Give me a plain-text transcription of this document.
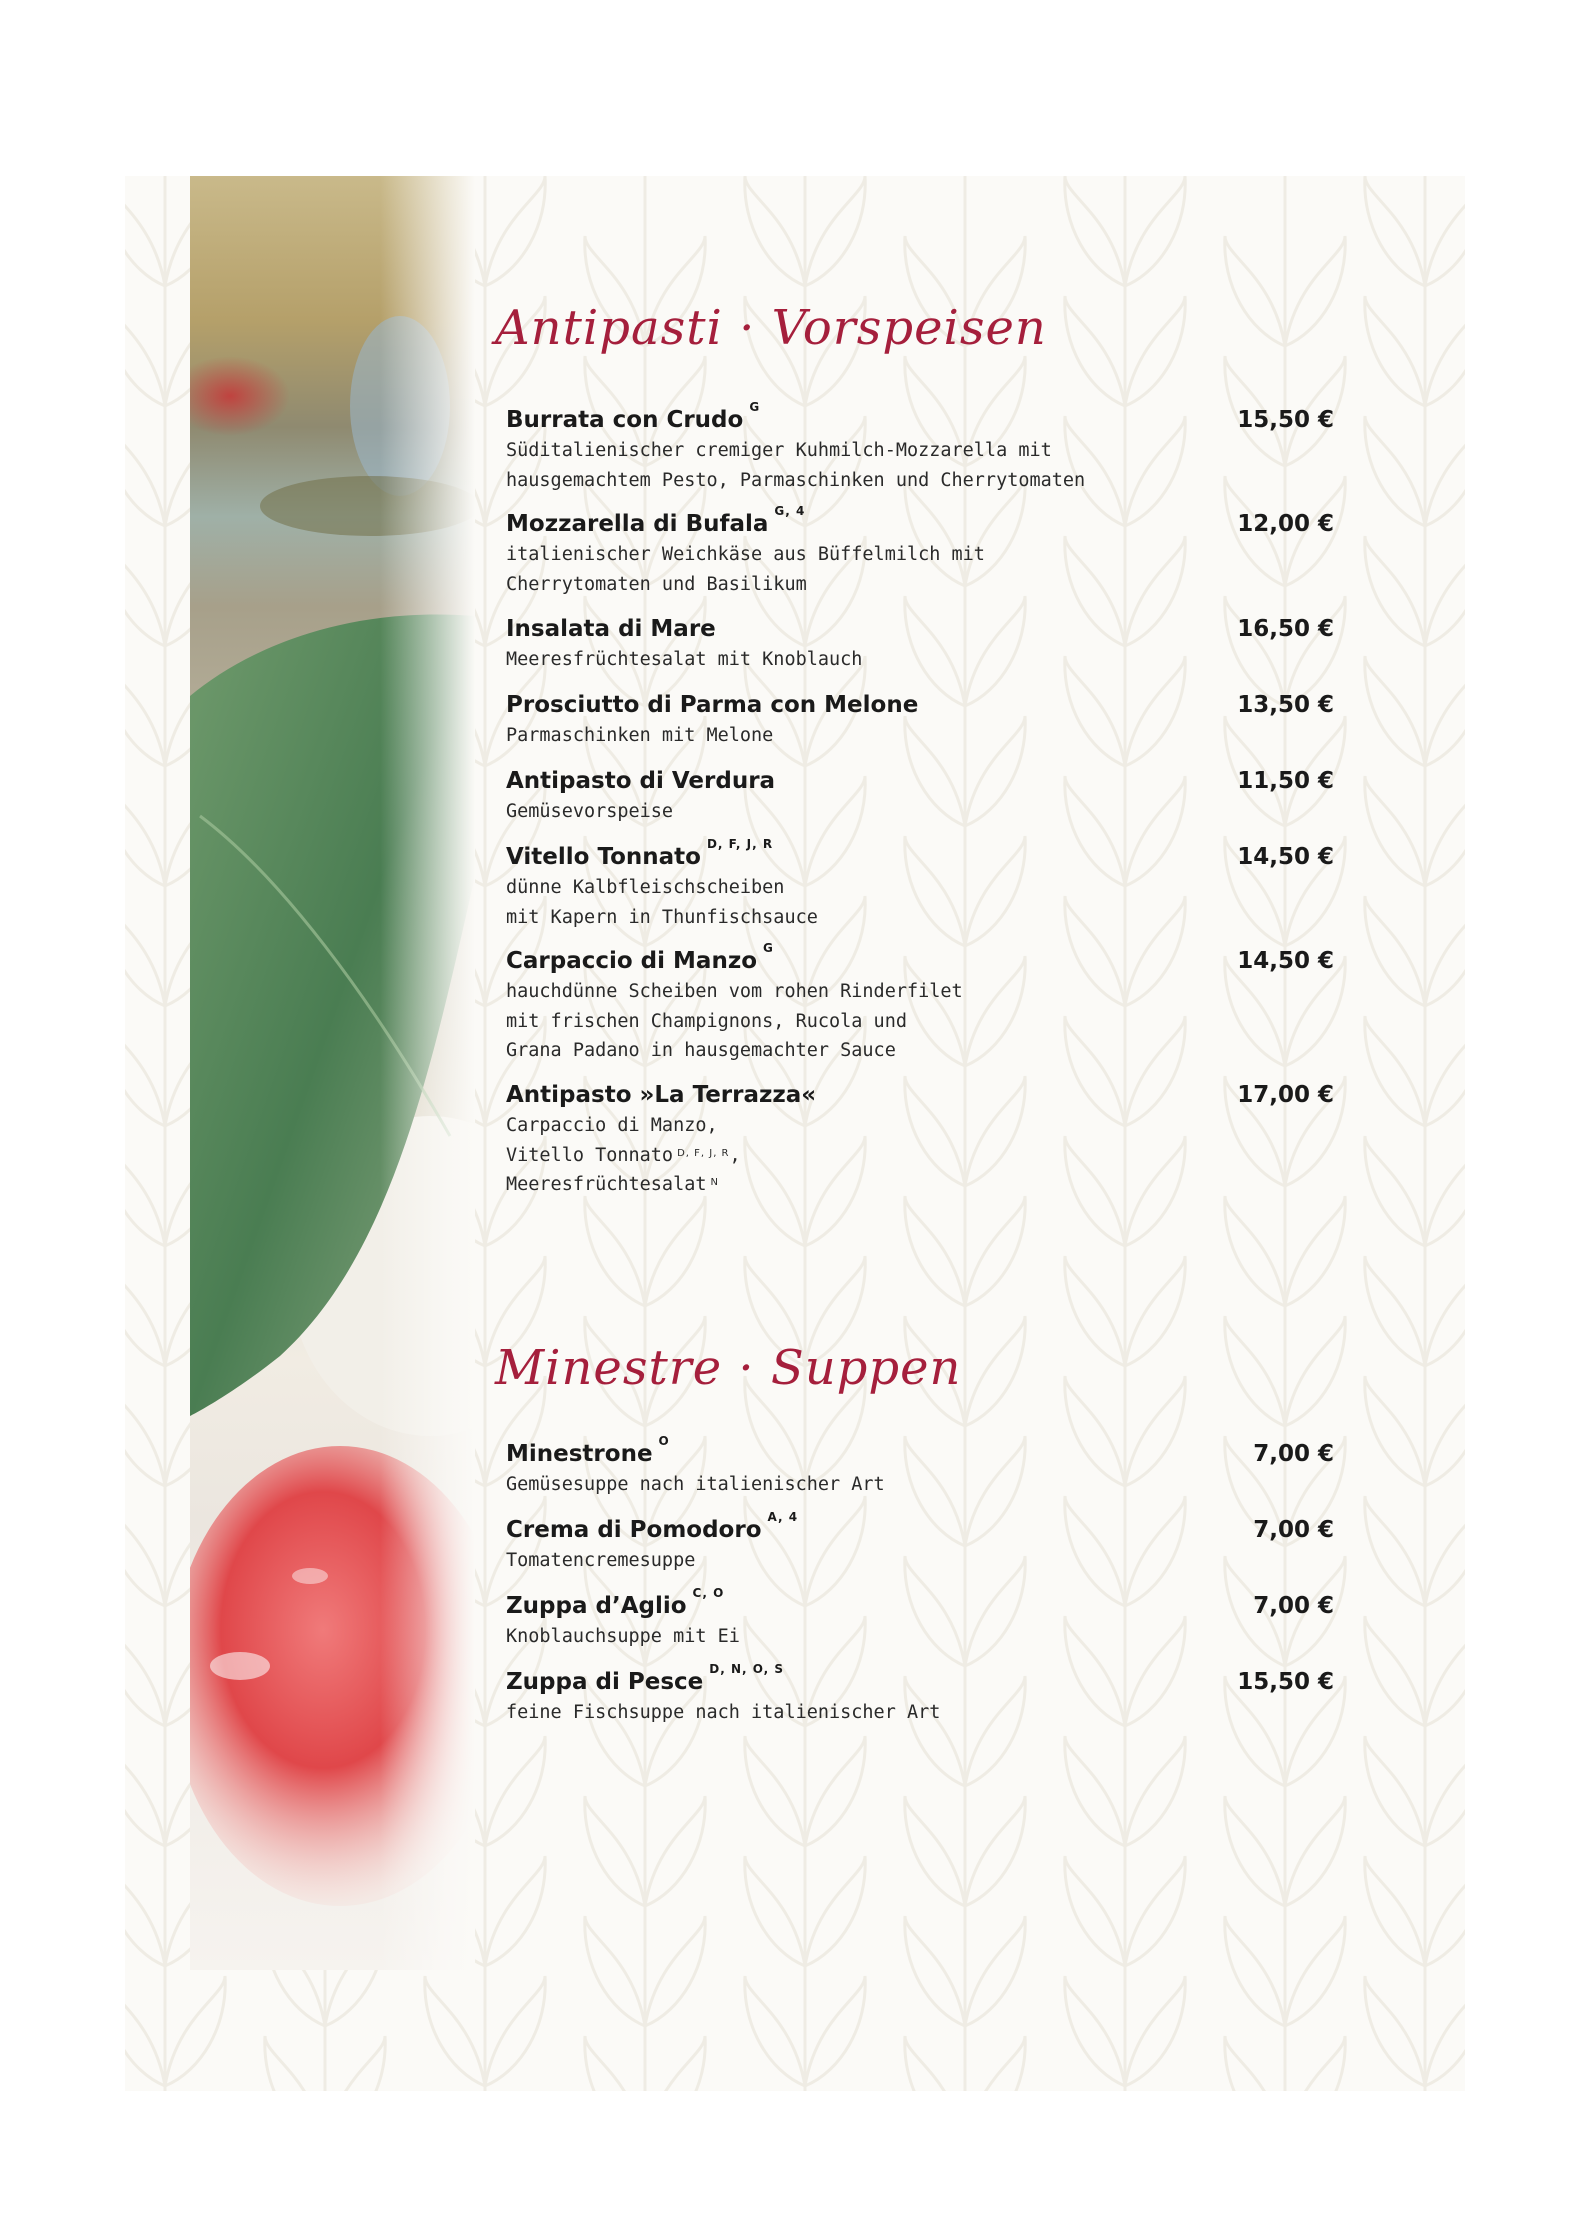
Antipasti · Vorspeisen
Burrata con Crudo $^G$	15,50 €
Süditalienischer cremiger Kuhmilch-Mozzarella mit
hausgemachtem Pesto, Parmaschinken und Cherrytomaten
Mozzarella di Bufala $^{G, 4}$	12,00 €
italienischer Weichkäse aus Büffelmilch mit
Cherrytomaten und Basilikum
Insalata di Mare	16,50 €
Meeresfrüchtesalat mit Knoblauch
Prosciutto di Parma con Melone	13,50 €
Parmaschinken mit Melone
Antipasto di Verdura	11,50 €
Gemüsevorspeise
Vitello Tonnato $^{D, F, J, R}$	14,50 €
dünne Kalbfleischscheiben
mit Kapern in Thunfischsauce
Carpaccio di Manzo $^G$	14,50 €
hauchdünne Scheiben vom rohen Rinderfilet
mit frischen Champignons, Rucola und
Grana Padano in hausgemachter Sauce
Antipasto »La Terrazza«	17,00 €
Carpaccio di Manzo,
Vitello Tonnato $^{D, F, J, R}$,
Meeresfrüchtesalat $^N$
Minestre · Suppen
Minestrone $^O$	7,00 €
Gemüsesuppe nach italienischer Art
Crema di Pomodoro $^{A, 4}$	7,00 €
Tomatencremesuppe
Zuppa d’Aglio $^{C, O}$	7,00 €
Knoblauchsuppe mit Ei
Zuppa di Pesce $^{D, N, O, S}$	15,50 €
feine Fischsuppe nach italienischer Art
